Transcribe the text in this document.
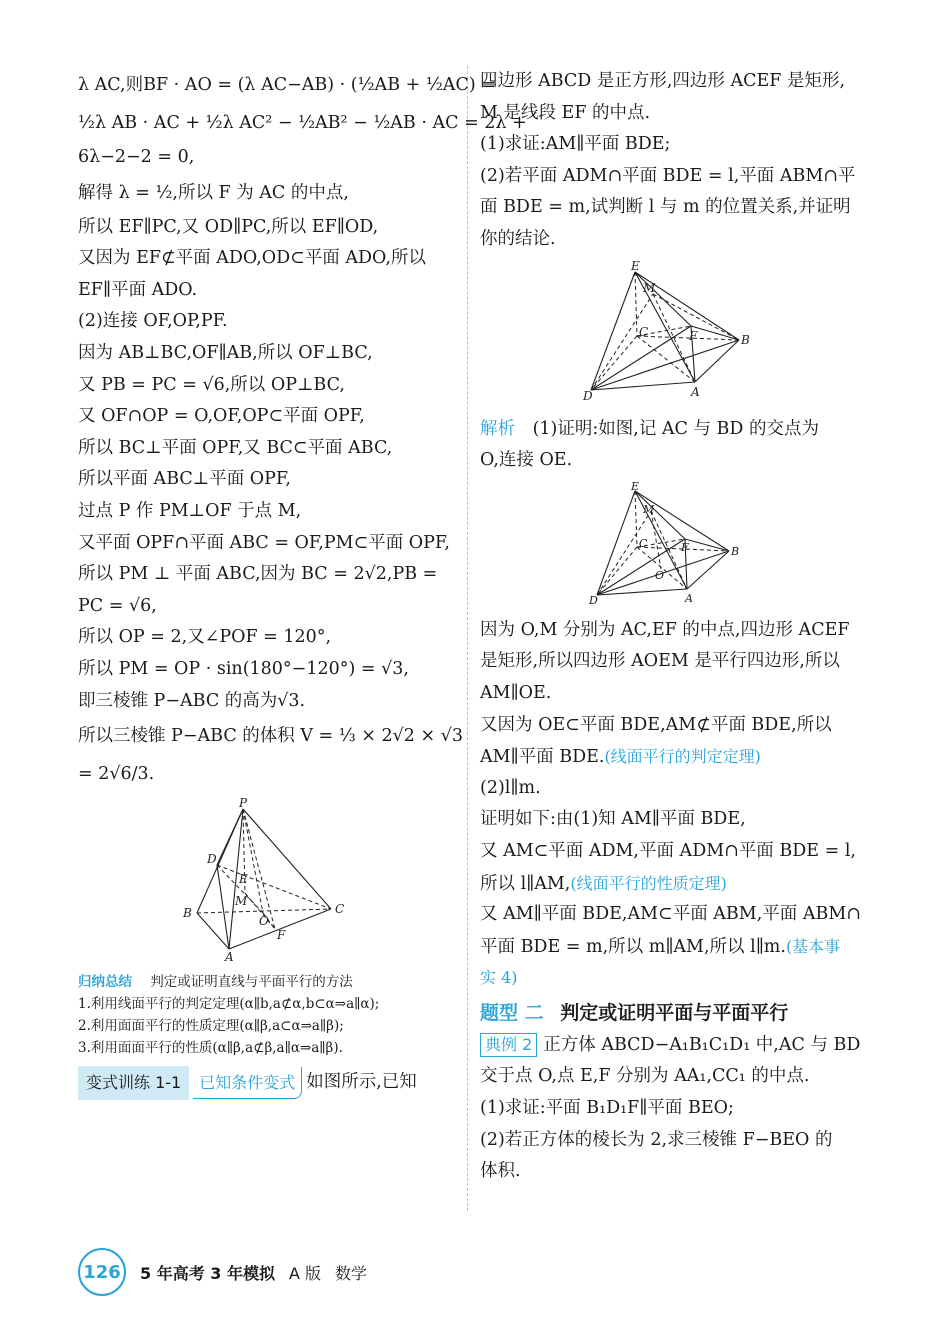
λ AC,则BF · AO = (λ AC−AB) · (½AB + ½AC) =
½λ AB · AC + ½λ AC² − ½AB² − ½AB · AC = 2λ +
6λ−2−2 = 0,
解得 λ = ½,所以 F 为 AC 的中点,
所以 EF∥PC,又 OD∥PC,所以 EF∥OD,
又因为 EF⊄平面 ADO,OD⊂平面 ADO,所以
EF∥平面 ADO.
(2)连接 OF,OP,PF.
因为 AB⊥BC,OF∥AB,所以 OF⊥BC,
又 PB = PC = √6,所以 OP⊥BC,
又 OF∩OP = O,OF,OP⊂平面 OPF,
所以 BC⊥平面 OPF,又 BC⊂平面 ABC,
所以平面 ABC⊥平面 OPF,
过点 P 作 PM⊥OF 于点 M,
又平面 OPF∩平面 ABC = OF,PM⊂平面 OPF,
所以 PM ⊥ 平面 ABC,因为 BC = 2√2,PB =
PC = √6,
所以 OP = 2,又∠POF = 120°,
所以 PM = OP · sin(180°−120°) = √3,
即三棱锥 P−ABC 的高为√3.
所以三棱锥 P−ABC 的体积 V = ⅓ × 2√2 × √3
= 2√6/3.
P
D
E
M
B
O
F
C
A
归纳总结 判定或证明直线与平面平行的方法
1.利用线面平行的判定定理(α∥b,a⊄α,b⊂α⇒a∥α);
2.利用面面平行的性质定理(α∥β,a⊂α⇒a∥β);
3.利用面面平行的性质(α∥β,a⊄β,a∥α⇒a∥β).
变式训练 1-1	已知条件变式 如图所示,已知
四边形 ABCD 是正方形,四边形 ACEF 是矩形,
M 是线段 EF 的中点.
(1)求证:AM∥平面 BDE;
(2)若平面 ADM∩平面 BDE = l,平面 ABM∩平
面 BDE = m,试判断 l 与 m 的位置关系,并证明
你的结论.
E
M
C	F	B
D	A
解析 (1)证明:如图,记 AC 与 BD 的交点为
O,连接 OE.
E
M
C	F	B
O
D	A
因为 O,M 分别为 AC,EF 的中点,四边形 ACEF
是矩形,所以四边形 AOEM 是平行四边形,所以
AM∥OE.
又因为 OE⊂平面 BDE,AM⊄平面 BDE,所以
AM∥平面 BDE.(线面平行的判定定理)
(2)l∥m.
证明如下:由(1)知 AM∥平面 BDE,
又 AM⊂平面 ADM,平面 ADM∩平面 BDE = l,
所以 l∥AM,(线面平行的性质定理)
又 AM∥平面 BDE,AM⊂平面 ABM,平面 ABM∩
平面 BDE = m,所以 m∥AM,所以 l∥m.(基本事
实 4)
题型 二 判定或证明平面与平面平行
典例 2 正方体 ABCD−A₁B₁C₁D₁ 中,AC 与 BD
交于点 O,点 E,F 分别为 AA₁,CC₁ 的中点.
(1)求证:平面 B₁D₁F∥平面 BEO;
(2)若正方体的棱长为 2,求三棱锥 F−BEO 的
体积.
126	5 年高考 3 年模拟 A 版 数学
